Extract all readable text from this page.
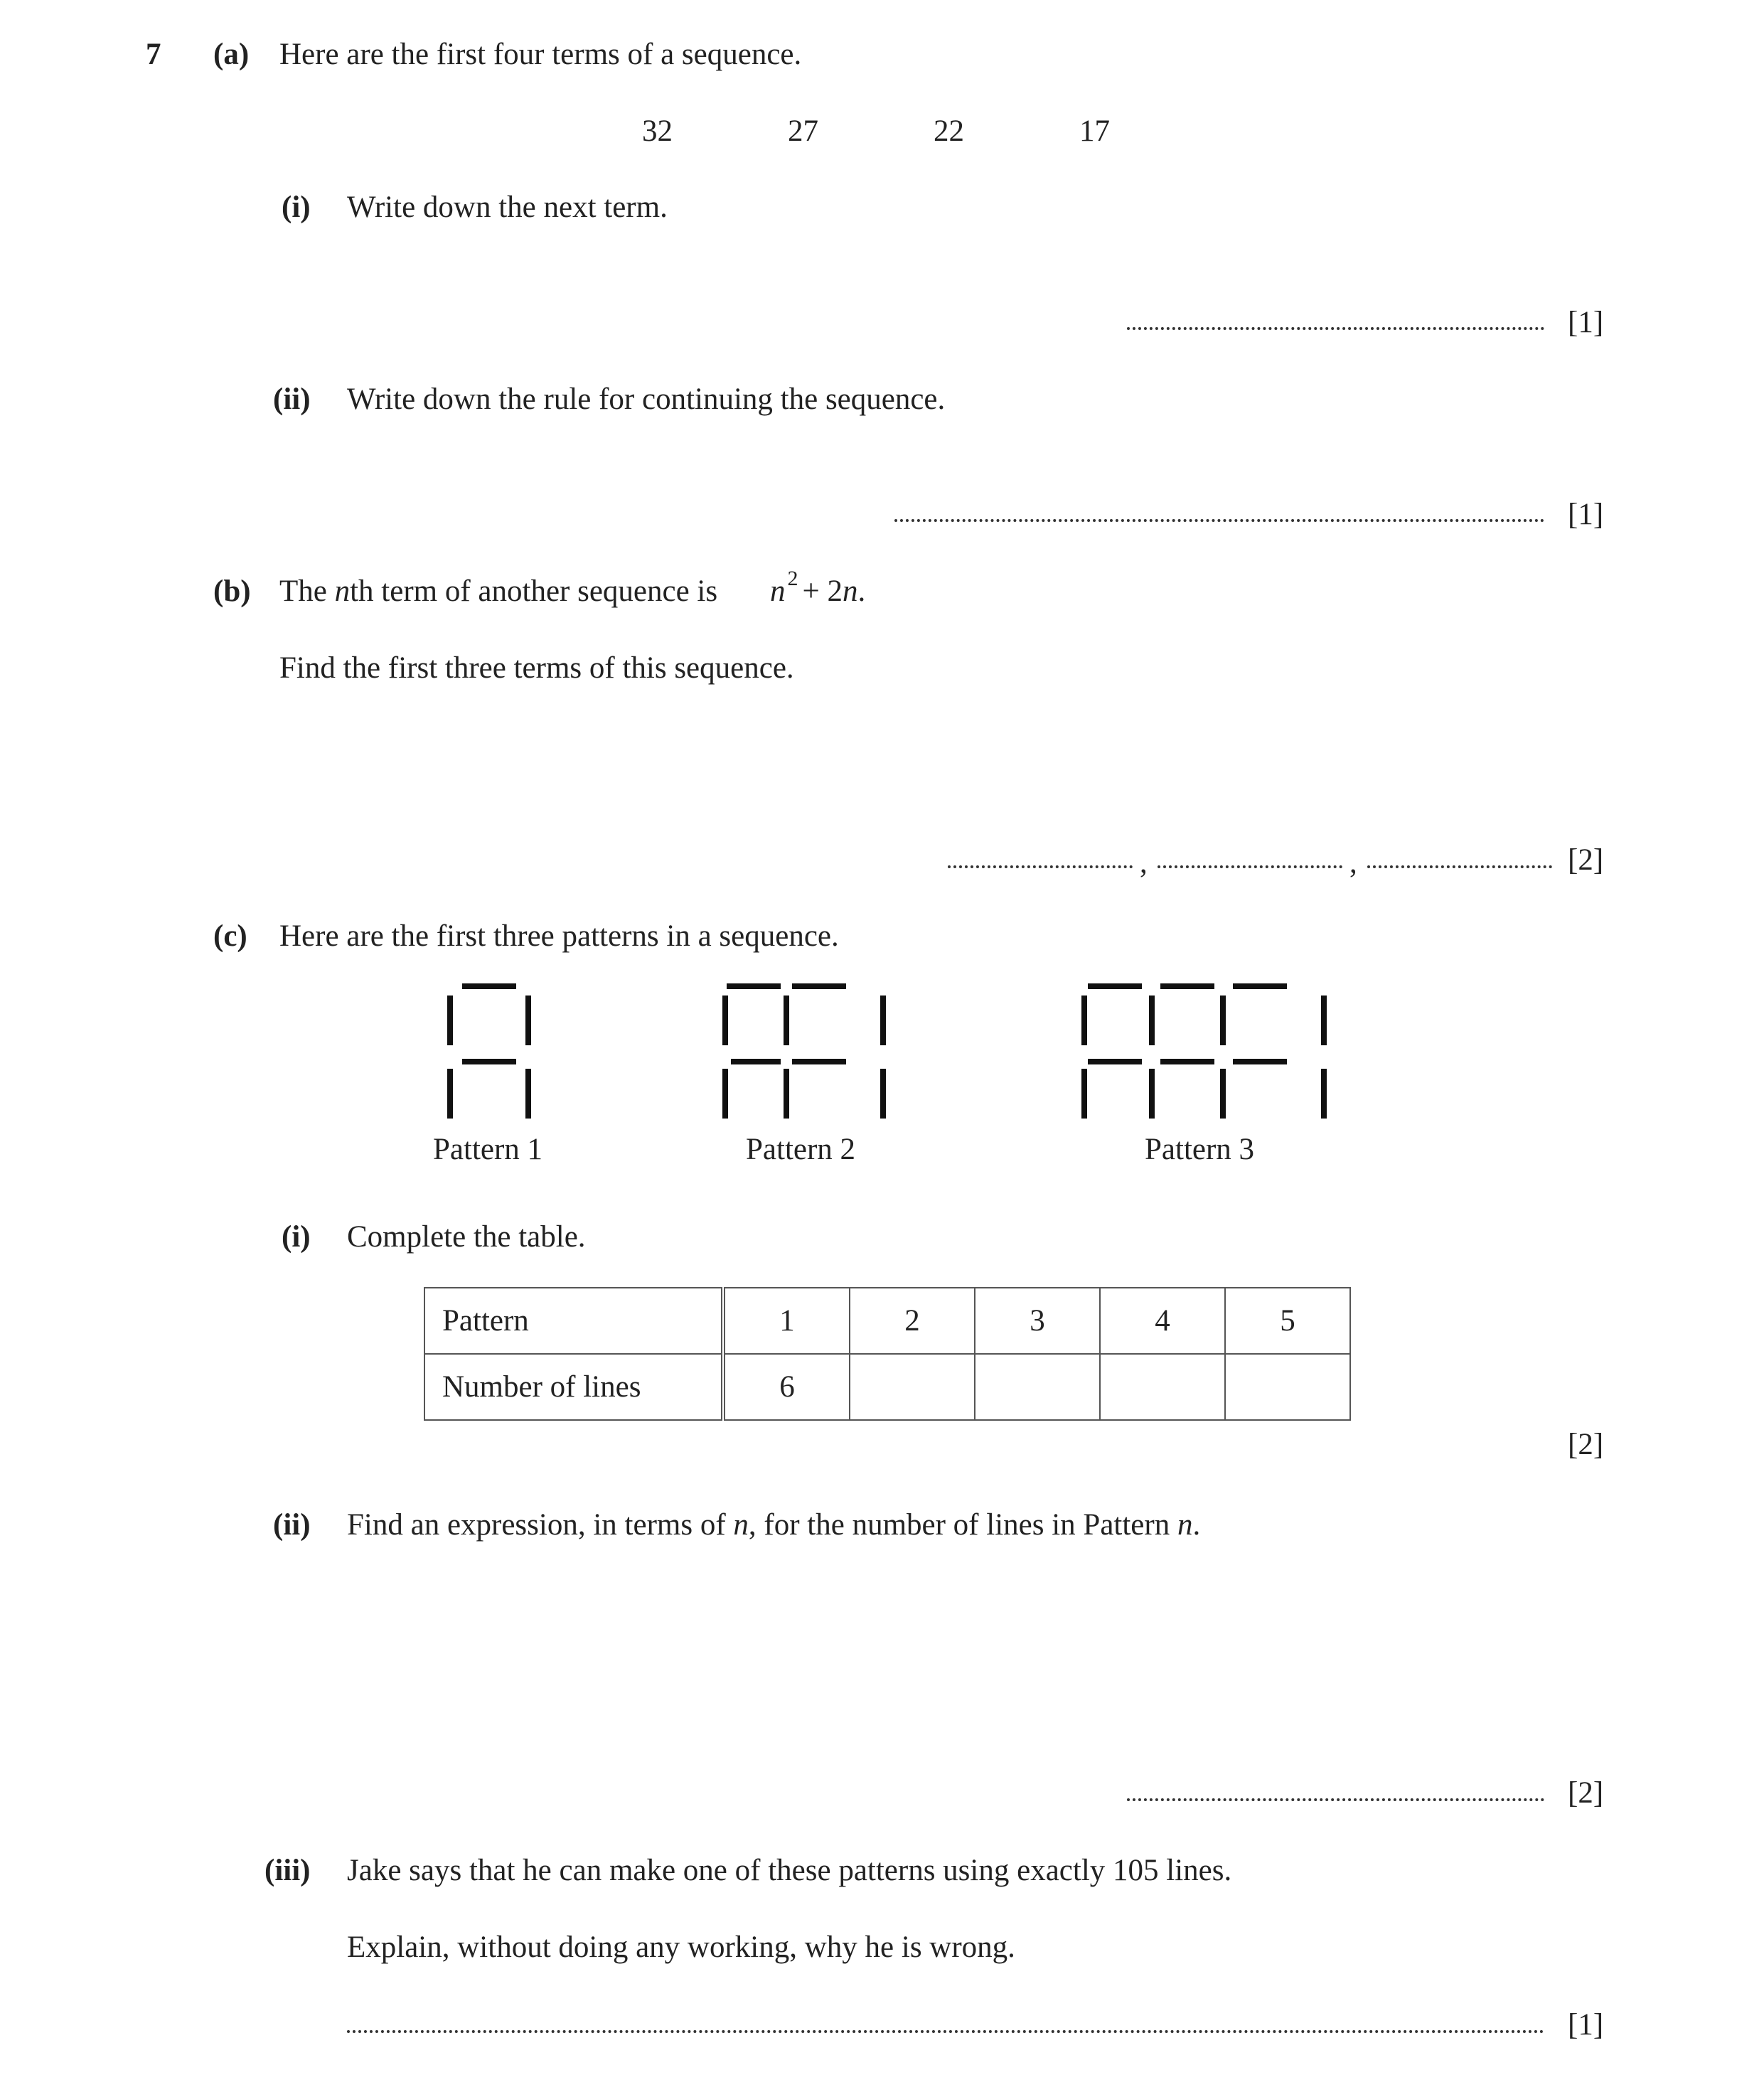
7 (a) Here are the first four terms of a sequence.
32	27	22	17
(i) Write down the next term.
[1]
(ii) Write down the rule for continuing the sequence.
[1]
(b) The nth term of another sequence is n $^2$ + 2n.
Find the first three terms of this sequence.
,	,	[2]
(c) Here are the first three patterns in a sequence.
Pattern 1	Pattern 2	Pattern 3
(i) Complete the table.
Pattern	1	2	3	4	5
Number of lines	6				
[2]
(ii) Find an expression, in terms of n, for the number of lines in Pattern n.
[2]
(iii) Jake says that he can make one of these patterns using exactly 105 lines.
Explain, without doing any working, why he is wrong.
[1]
